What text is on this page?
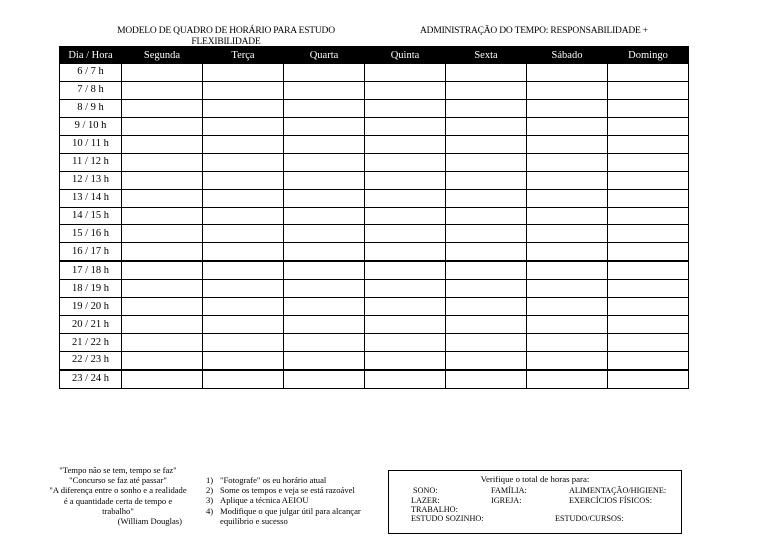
MODELO DE QUADRO DE HORÁRIO PARA ESTUDO FLEXIBILIDADE
ADMINISTRAÇÃO DO TEMPO: RESPONSABILIDADE +
Dia / Hora	Segunda	Terça	Quarta	Quinta	Sexta	Sábado	Domingo
6 / 7 h							
7 / 8 h							
8 / 9 h							
9 / 10 h							
10 / 11 h							
11 / 12 h							
12 / 13 h							
13 / 14 h							
14 / 15 h							
15 / 16 h							
16 / 17 h							
17 / 18 h							
18 / 19 h							
19 / 20 h							
20 / 21 h							
21 / 22 h							
22 / 23 h							
23 / 24 h							
"Tempo não se tem, tempo se faz"
"Concurso se faz até passar"
"A diferença entre o sonho e a realidade é a quantidade certa de tempo e trabalho"
(William Douglas)
1) "Fotografe" os eu horário atual
2) Some os tempos e veja se está razoável
3) Aplique a técnica AEIOU
4) Modifique o que julgar útil para alcançar equilíbrio e sucesso
Verifique o total de horas para:
SONO:	FAMÍLIA:	ALIMENTAÇÃO/HIGIENE:
LAZER:	IGREJA:	EXERCÍCIOS FÍSICOS:
TRABALHO:
ESTUDO SOZINHO:	ESTUDO/CURSOS:
